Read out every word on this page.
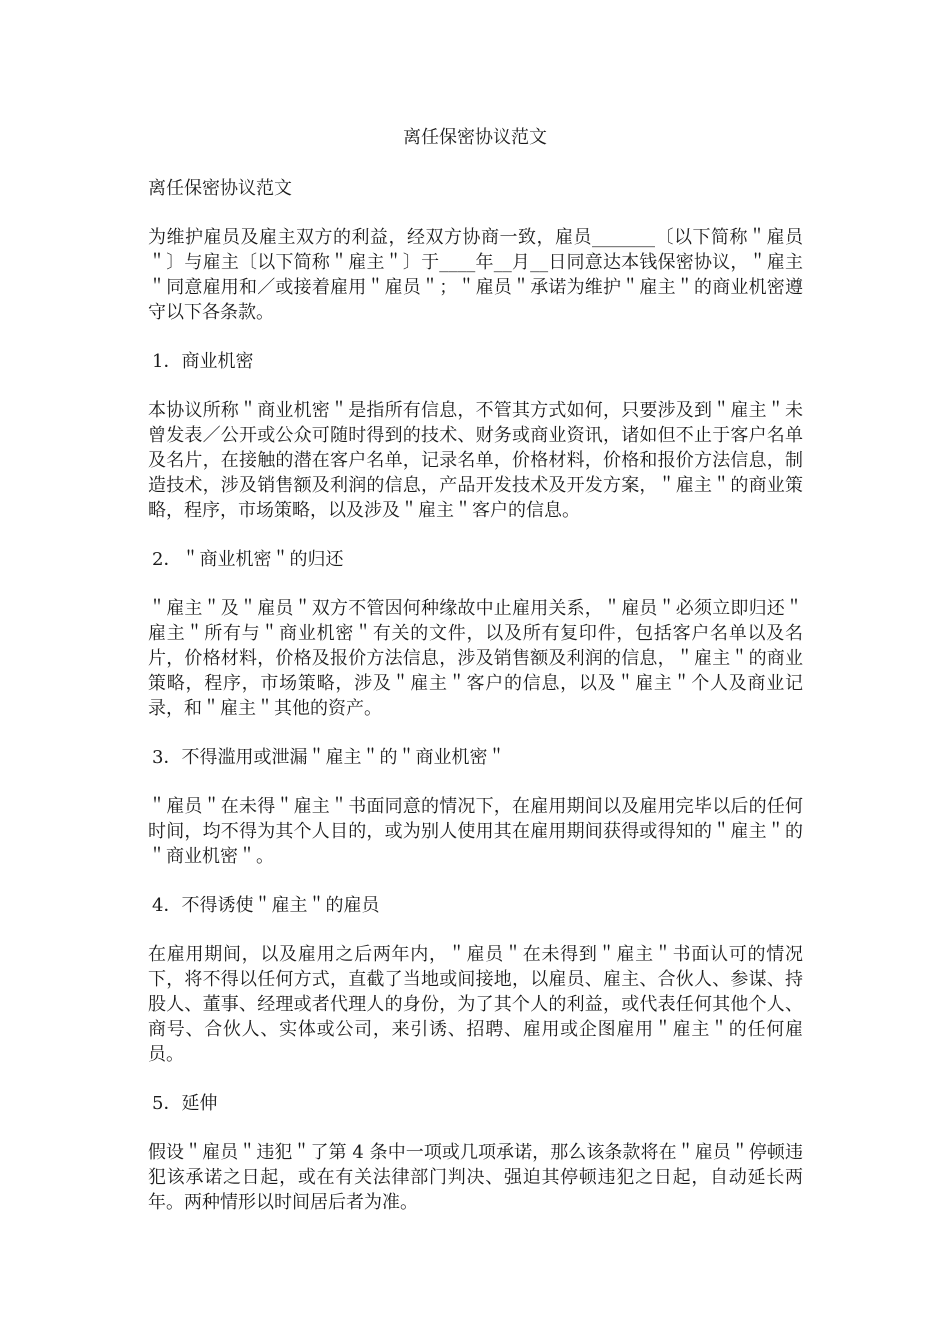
离任保密协议范文

离任保密协议范文

为维护雇员及雇主双方的利益，经双方协商一致，雇员_______〔以下简称＂雇员＂〕与雇主〔以下简称＂雇主＂〕于____年__月__日同意达本钱保密协议，＂雇主＂同意雇用和／或接着雇用＂雇员＂；＂雇员＂承诺为维护＂雇主＂的商业机密遵守以下各条款。

1．商业机密

本协议所称＂商业机密＂是指所有信息，不管其方式如何，只要涉及到＂雇主＂未曾发表／公开或公众可随时得到的技术、财务或商业资讯，诸如但不止于客户名单及名片，在接触的潜在客户名单，记录名单，价格材料，价格和报价方法信息，制造技术，涉及销售额及利润的信息，产品开发技术及开发方案，＂雇主＂的商业策略，程序，市场策略，以及涉及＂雇主＂客户的信息。

2．＂商业机密＂的归还

＂雇主＂及＂雇员＂双方不管因何种缘故中止雇用关系，＂雇员＂必须立即归还＂雇主＂所有与＂商业机密＂有关的文件，以及所有复印件，包括客户名单以及名片，价格材料，价格及报价方法信息，涉及销售额及利润的信息，＂雇主＂的商业策略，程序，市场策略，涉及＂雇主＂客户的信息，以及＂雇主＂个人及商业记录，和＂雇主＂其他的资产。

3．不得滥用或泄漏＂雇主＂的＂商业机密＂

＂雇员＂在未得＂雇主＂书面同意的情况下，在雇用期间以及雇用完毕以后的任何时间，均不得为其个人目的，或为别人使用其在雇用期间获得或得知的＂雇主＂的＂商业机密＂。

4．不得诱使＂雇主＂的雇员

在雇用期间，以及雇用之后两年内，＂雇员＂在未得到＂雇主＂书面认可的情况下，将不得以任何方式，直截了当地或间接地，以雇员、雇主、合伙人、参谋、持股人、董事、经理或者代理人的身份，为了其个人的利益，或代表任何其他个人、商号、合伙人、实体或公司，来引诱、招聘、雇用或企图雇用＂雇主＂的任何雇员。

5．延伸

假设＂雇员＂违犯＂了第 4 条中一项或几项承诺，那么该条款将在＂雇员＂停顿违犯该承诺之日起，或在有关法律部门判决、强迫其停顿违犯之日起，自动延长两年。两种情形以时间居后者为准。
